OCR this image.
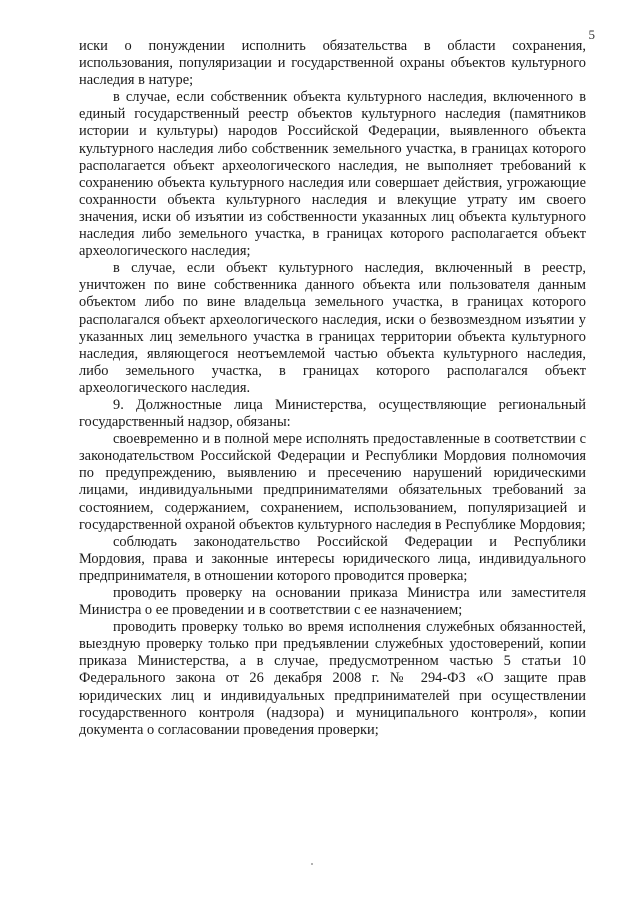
5

иски о понуждении исполнить обязательства в области сохранения, использования, популяризации и государственной охраны объектов культурного наследия в натуре;

в случае, если собственник объекта культурного наследия, включенного в единый государственный реестр объектов культурного наследия (памятников истории и культуры) народов Российской Федерации, выявленного объекта культурного наследия либо собственник земельного участка, в границах которого располагается объект археологического наследия, не выполняет требований к сохранению объекта культурного наследия или совершает действия, угрожающие сохранности объекта культурного наследия и влекущие утрату им своего значения, иски об изъятии из собственности указанных лиц объекта культурного наследия либо земельного участка, в границах которого располагается объект археологического наследия;

в случае, если объект культурного наследия, включенный в реестр, уничтожен по вине собственника данного объекта или пользователя данным объектом либо по вине владельца земельного участка, в границах которого располагался объект археологического наследия, иски о безвозмездном изъятии у указанных лиц земельного участка в границах территории объекта культурного наследия, являющегося неотъемлемой частью объекта культурного наследия, либо земельного участка, в границах которого располагался объект археологического наследия.

9. Должностные лица Министерства, осуществляющие региональный государственный надзор, обязаны:

своевременно и в полной мере исполнять предоставленные в соответствии с законодательством Российской Федерации и Республики Мордовия полномочия по предупреждению, выявлению и пресечению нарушений юридическими лицами, индивидуальными предпринимателями обязательных требований за состоянием, содержанием, сохранением, использованием, популяризацией и государственной охраной объектов культурного наследия в Республике Мордовия;

соблюдать законодательство Российской Федерации и Республики Мордовия, права и законные интересы юридического лица, индивидуального предпринимателя, в отношении которого проводится проверка;

проводить проверку на основании приказа Министра или заместителя Министра о ее проведении и в соответствии с ее назначением;

проводить проверку только во время исполнения служебных обязанностей, выездную проверку только при предъявлении служебных удостоверений, копии приказа Министерства, а в случае, предусмотренном частью 5 статьи 10 Федерального закона от 26 декабря 2008 г. № 294-ФЗ «О защите прав юридических лиц и индивидуальных предпринимателей при осуществлении государственного контроля (надзора) и муниципального контроля», копии документа о согласовании проведения проверки;
